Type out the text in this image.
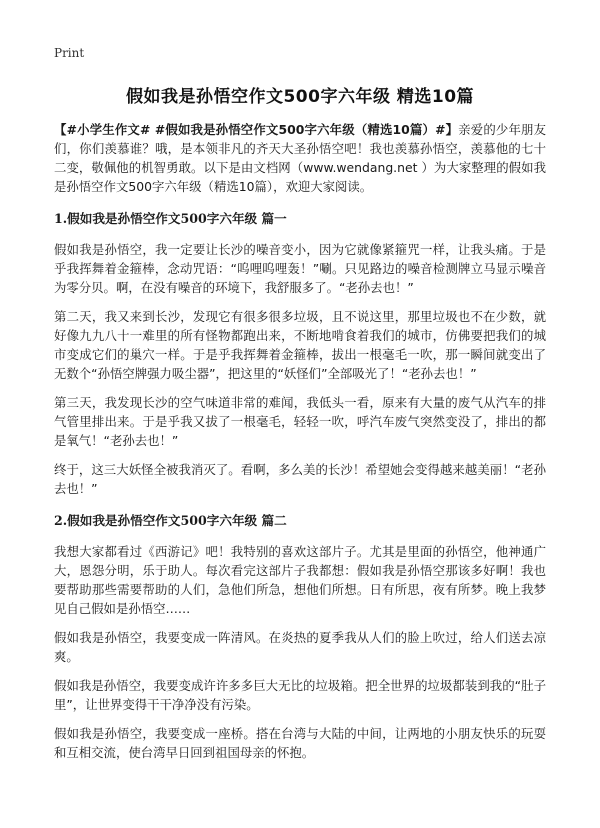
Print
假如我是孙悟空作文500字六年级 精选10篇

【#小学生作文# #假如我是孙悟空作文500字六年级（精选10篇）#】亲爱的少年朋友们，你们羡慕谁？哦，是本领非凡的齐天大圣孙悟空吧！我也羡慕孙悟空，羡慕他的七十二变，敬佩他的机智勇敢。以下是由文档网（www.wendang.net ）为大家整理的假如我是孙悟空作文500字六年级（精选10篇），欢迎大家阅读。

1.假如我是孙悟空作文500字六年级 篇一

假如我是孙悟空，我一定要让长沙的噪音变小，因为它就像紧箍咒一样，让我头痛。于是乎我挥舞着金箍棒，念动咒语：“呜哩呜哩轰！”唰。只见路边的噪音检测牌立马显示噪音为零分贝。啊，在没有噪音的环境下，我舒服多了。“老孙去也！”

第二天，我又来到长沙，发现它有很多很多垃圾，且不说这里，那里垃圾也不在少数，就好像九九八十一难里的所有怪物都跑出来，不断地啃食着我们的城市，仿佛要把我们的城市变成它们的巢穴一样。于是乎我挥舞着金箍棒，拔出一根毫毛一吹，那一瞬间就变出了无数个“孙悟空牌强力吸尘器”，把这里的“妖怪们”全部吸光了！“老孙去也！”

第三天，我发现长沙的空气味道非常的难闻，我低头一看，原来有大量的废气从汽车的排气管里排出来。于是乎我又拔了一根毫毛，轻轻一吹，呼汽车废气突然变没了，排出的都是氧气！“老孙去也！”

终于，这三大妖怪全被我消灭了。看啊，多么美的长沙！希望她会变得越来越美丽！“老孙去也！”

2.假如我是孙悟空作文500字六年级 篇二

我想大家都看过《西游记》吧！我特别的喜欢这部片子。尤其是里面的孙悟空，他神通广大，恩怨分明，乐于助人。每次看完这部片子我都想：假如我是孙悟空那该多好啊！我也要帮助那些需要帮助的人们，急他们所急，想他们所想。日有所思，夜有所梦。晚上我梦见自己假如是孙悟空……

假如我是孙悟空，我要变成一阵清风。在炎热的夏季我从人们的脸上吹过，给人们送去凉爽。

假如我是孙悟空，我要变成许许多多巨大无比的垃圾箱。把全世界的垃圾都装到我的“肚子里”，让世界变得干干净净没有污染。

假如我是孙悟空，我要变成一座桥。搭在台湾与大陆的中间，让两地的小朋友快乐的玩耍和互相交流，使台湾早日回到祖国母亲的怀抱。
